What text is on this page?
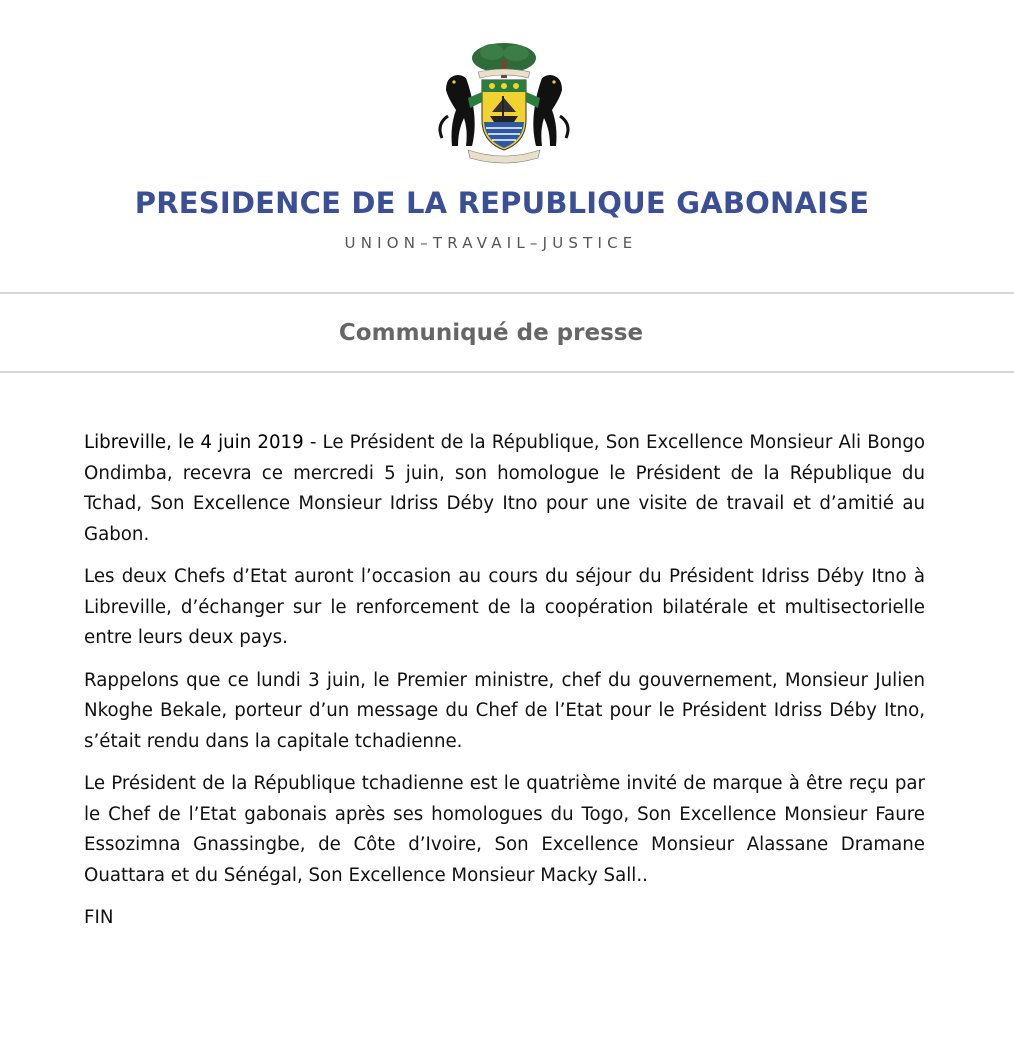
PRESIDENCE DE LA REPUBLIQUE GABONAISE
UNION–TRAVAIL–JUSTICE
Communiqué de presse

Libreville, le 4 juin 2019 - Le Président de la République, Son Excellence Monsieur Ali Bongo Ondimba, recevra ce mercredi 5 juin, son homologue le Président de la République du Tchad, Son Excellence Monsieur Idriss Déby Itno pour une visite de travail et d’amitié au Gabon.

Les deux Chefs d’Etat auront l’occasion au cours du séjour du Président Idriss Déby Itno à Libreville, d’échanger sur le renforcement de la coopération bilatérale et multisectorielle entre leurs deux pays.

Rappelons que ce lundi 3 juin, le Premier ministre, chef du gouvernement, Monsieur Julien Nkoghe Bekale, porteur d’un message du Chef de l’Etat pour le Président Idriss Déby Itno, s’était rendu dans la capitale tchadienne.

Le Président de la République tchadienne est le quatrième invité de marque à être reçu par le Chef de l’Etat gabonais après ses homologues du Togo, Son Excellence Monsieur Faure Essozimna Gnassingbe, de Côte d’Ivoire, Son Excellence Monsieur Alassane Dramane Ouattara et du Sénégal, Son Excellence Monsieur Macky Sall..

FIN
